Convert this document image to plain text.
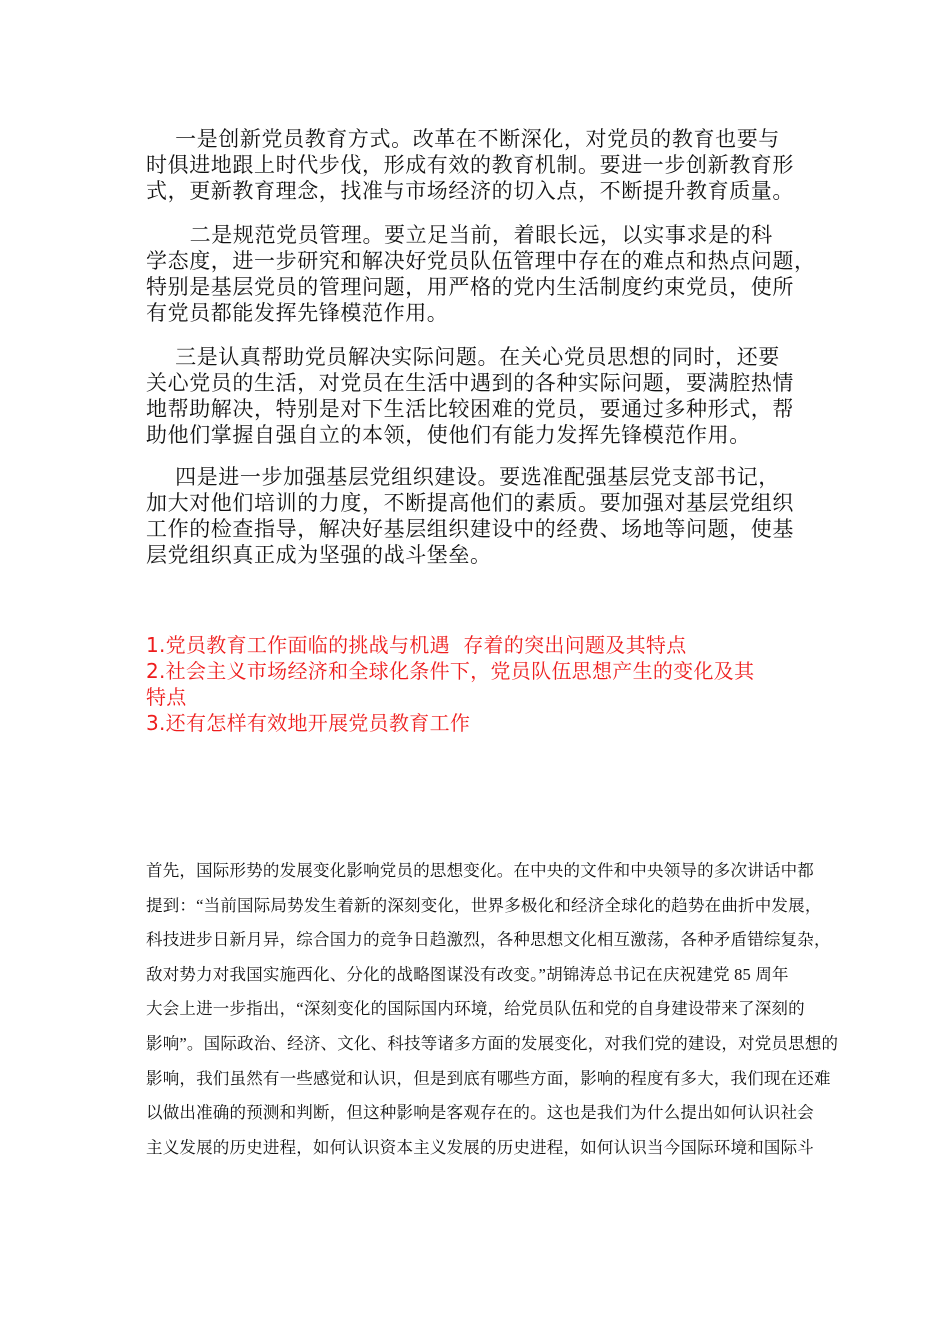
一是创新党员教育方式。改革在不断深化，对党员的教育也要与
时俱进地跟上时代步伐，形成有效的教育机制。要进一步创新教育形
式，更新教育理念，找准与市场经济的切入点，不断提升教育质量。
二是规范党员管理。要立足当前，着眼长远，以实事求是的科
学态度，进一步研究和解决好党员队伍管理中存在的难点和热点问题，
特别是基层党员的管理问题，用严格的党内生活制度约束党员，使所
有党员都能发挥先锋模范作用。
三是认真帮助党员解决实际问题。在关心党员思想的同时，还要
关心党员的生活，对党员在生活中遇到的各种实际问题，要满腔热情
地帮助解决，特别是对下生活比较困难的党员，要通过多种形式，帮
助他们掌握自强自立的本领，使他们有能力发挥先锋模范作用。
四是进一步加强基层党组织建设。要选准配强基层党支部书记，
加大对他们培训的力度，不断提高他们的素质。要加强对基层党组织
工作的检查指导，解决好基层组织建设中的经费、场地等问题，使基
层党组织真正成为坚强的战斗堡垒。
1.党员教育工作面临的挑战与机遇  存着的突出问题及其特点
2.社会主义市场经济和全球化条件下，党员队伍思想产生的变化及其
特点
3.还有怎样有效地开展党员教育工作
首先，国际形势的发展变化影响党员的思想变化。在中央的文件和中央领导的多次讲话中都
提到：“当前国际局势发生着新的深刻变化，世界多极化和经济全球化的趋势在曲折中发展，
科技进步日新月异，综合国力的竞争日趋激烈，各种思想文化相互激荡，各种矛盾错综复杂，
敌对势力对我国实施西化、分化的战略图谋没有改变。”胡锦涛总书记在庆祝建党 85 周年
大会上进一步指出，“深刻变化的国际国内环境，给党员队伍和党的自身建设带来了深刻的
影响”。国际政治、经济、文化、科技等诸多方面的发展变化，对我们党的建设，对党员思想的
影响，我们虽然有一些感觉和认识，但是到底有哪些方面，影响的程度有多大，我们现在还难
以做出准确的预测和判断，但这种影响是客观存在的。这也是我们为什么提出如何认识社会
主义发展的历史进程，如何认识资本主义发展的历史进程，如何认识当今国际环境和国际斗
